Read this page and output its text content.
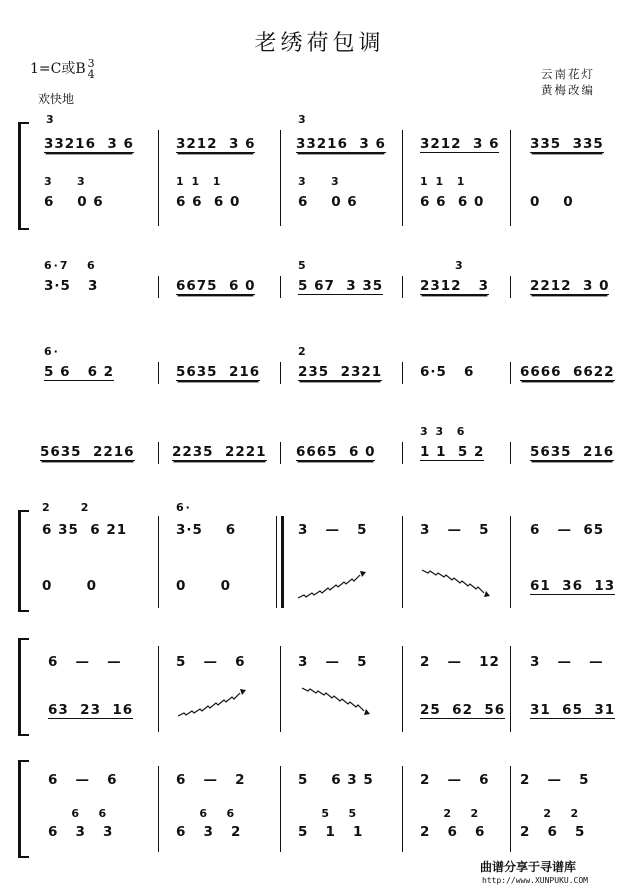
老绣荷包调
1=C或B 3
4
欢快地
云南花灯
黄梅改编
3	3
33216  3 6	3212  3 6	33216  3 6	3212  3 6 335  335
3    3	1 1  1	3    3	1 1  1
6    0 6	6 6  6 0	6    0 6	6 6  6 0	0    0
6·7   6	5	3
3·5   3	6675  6 0	5 67  3 35	2312   3	2212  3 0
6·	2
5 6   6 2	5635  216	235  2321	6·5   6	6666  6622
3 3  6
5635  2216	2235  2221 6665  6 0	1 1  5 2	5635  216
2     2	6·
6 35  6 21	3·5    6	3   —   5	3   —   5	6   —  65
0      0	0      0	61  36  13
6   —   —	5   —   6	3   —   5	2   —   12 3   —   —
63  23  16	25  62  56 31  65  31
6   —   6	6   —   2	5    6 3 5	2   —   6 2   —   5
6   6	6   6	5   5	2   2	2   2
6   3   3	6   3   2	5   1   1	2   6   6	2   6   5
曲谱分享于寻谱库
http://www.XUNPUKU.COM
